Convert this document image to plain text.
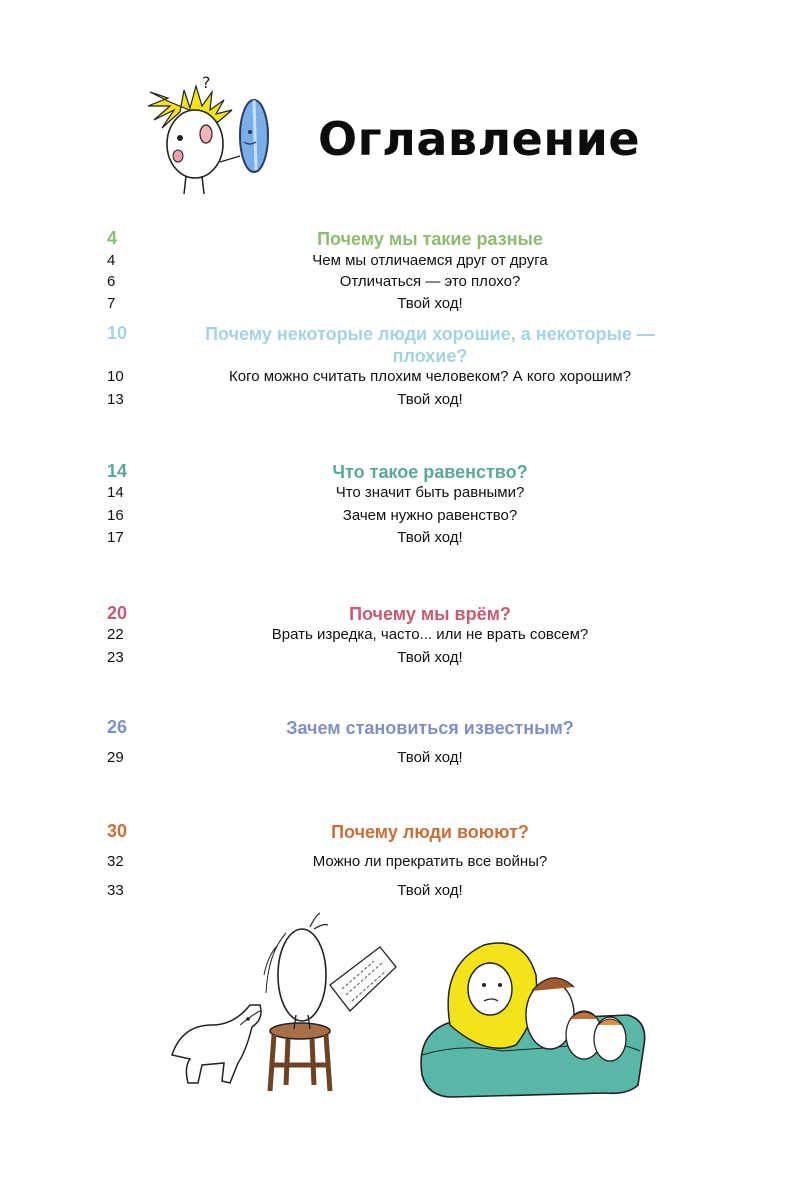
?
Оглавление
4	Почему мы такие разные
4	Чем мы отличаемся друг от друга
6	Отличаться — это плохо?
7	Твой ход!
10	Почему некоторые люди хорошие, а некоторые — плохие?
10	Кого можно считать плохим человеком? А кого хорошим?
13	Твой ход!
14	Что такое равенство?
14	Что значит быть равными?
16	Зачем нужно равенство?
17	Твой ход!
20	Почему мы врём?
22	Врать изредка, часто... или не врать совсем?
23	Твой ход!
26	Зачем становиться известным?
29	Твой ход!
30	Почему люди воюют?
32	Можно ли прекратить все войны?
33	Твой ход!
